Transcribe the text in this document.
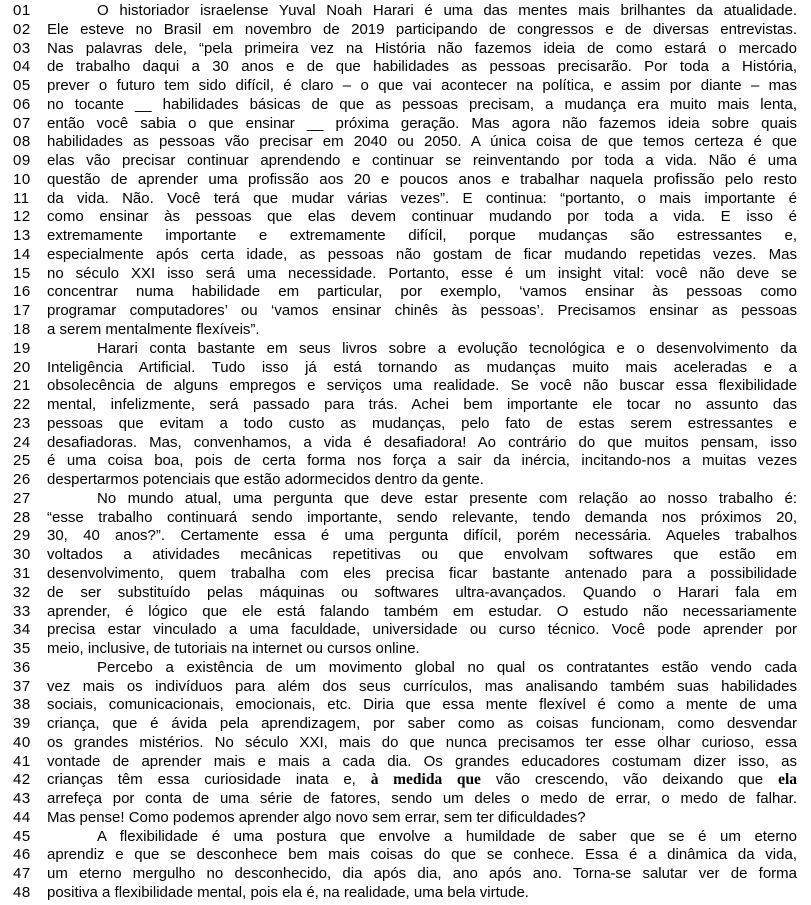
01	O historiador israelense Yuval Noah Harari é uma das mentes mais brilhantes da atualidade.
02	Ele esteve no Brasil em novembro de 2019 participando de congressos e de diversas entrevistas.
03	Nas palavras dele, “pela primeira vez na História não fazemos ideia de como estará o mercado
04	de trabalho daqui a 30 anos e de que habilidades as pessoas precisarão. Por toda a História,
05	prever o futuro tem sido difícil, é claro – o que vai acontecer na política, e assim por diante – mas
06	no tocante __ habilidades básicas de que as pessoas precisam, a mudança era muito mais lenta,
07	então você sabia o que ensinar __ próxima geração. Mas agora não fazemos ideia sobre quais
08	habilidades as pessoas vão precisar em 2040 ou 2050. A única coisa de que temos certeza é que
09	elas vão precisar continuar aprendendo e continuar se reinventando por toda a vida. Não é uma
10	questão de aprender uma profissão aos 20 e poucos anos e trabalhar naquela profissão pelo resto
11	da vida. Não. Você terá que mudar várias vezes”. E continua: “portanto, o mais importante é
12	como ensinar às pessoas que elas devem continuar mudando por toda a vida. E isso é
13	extremamente importante e extremamente difícil, porque mudanças são estressantes e,
14	especialmente após certa idade, as pessoas não gostam de ficar mudando repetidas vezes. Mas
15	no século XXI isso será uma necessidade. Portanto, esse é um insight vital: você não deve se
16	concentrar numa habilidade em particular, por exemplo, ‘vamos ensinar às pessoas como
17	programar computadores’ ou ‘vamos ensinar chinês às pessoas’. Precisamos ensinar as pessoas
18	a serem mentalmente flexíveis”.
19	Harari conta bastante em seus livros sobre a evolução tecnológica e o desenvolvimento da
20	Inteligência Artificial. Tudo isso já está tornando as mudanças muito mais aceleradas e a
21	obsolecência de alguns empregos e serviços uma realidade. Se você não buscar essa flexibilidade
22	mental, infelizmente, será passado para trás. Achei bem importante ele tocar no assunto das
23	pessoas que evitam a todo custo as mudanças, pelo fato de estas serem estressantes e
24	desafiadoras. Mas, convenhamos, a vida é desafiadora! Ao contrário do que muitos pensam, isso
25	é uma coisa boa, pois de certa forma nos força a sair da inércia, incitando-nos a muitas vezes
26	despertarmos potenciais que estão adormecidos dentro da gente.
27	No mundo atual, uma pergunta que deve estar presente com relação ao nosso trabalho é:
28	“esse trabalho continuará sendo importante, sendo relevante, tendo demanda nos próximos 20,
29	30, 40 anos?”. Certamente essa é uma pergunta difícil, porém necessária. Aqueles trabalhos
30	voltados a atividades mecânicas repetitivas ou que envolvam softwares que estão em
31	desenvolvimento, quem trabalha com eles precisa ficar bastante antenado para a possibilidade
32	de ser substituído pelas máquinas ou softwares ultra-avançados. Quando o Harari fala em
33	aprender, é lógico que ele está falando também em estudar. O estudo não necessariamente
34	precisa estar vinculado a uma faculdade, universidade ou curso técnico. Você pode aprender por
35	meio, inclusive, de tutoriais na internet ou cursos online.
36	Percebo a existência de um movimento global no qual os contratantes estão vendo cada
37	vez mais os indivíduos para além dos seus currículos, mas analisando também suas habilidades
38	sociais, comunicacionais, emocionais, etc. Diria que essa mente flexível é como a mente de uma
39	criança, que é ávida pela aprendizagem, por saber como as coisas funcionam, como desvendar
40	os grandes mistérios. No século XXI, mais do que nunca precisamos ter esse olhar curioso, essa
41	vontade de aprender mais e mais a cada dia. Os grandes educadores costumam dizer isso, as
42	crianças têm essa curiosidade inata e, à medida que vão crescendo, vão deixando que ela
43	arrefeça por conta de uma série de fatores, sendo um deles o medo de errar, o medo de falhar.
44	Mas pense! Como podemos aprender algo novo sem errar, sem ter dificuldades?
45	A flexibilidade é uma postura que envolve a humildade de saber que se é um eterno
46	aprendiz e que se desconhece bem mais coisas do que se conhece. Essa é a dinâmica da vida,
47	um eterno mergulho no desconhecido, dia após dia, ano após ano. Torna-se salutar ver de forma
48	positiva a flexibilidade mental, pois ela é, na realidade, uma bela virtude.
